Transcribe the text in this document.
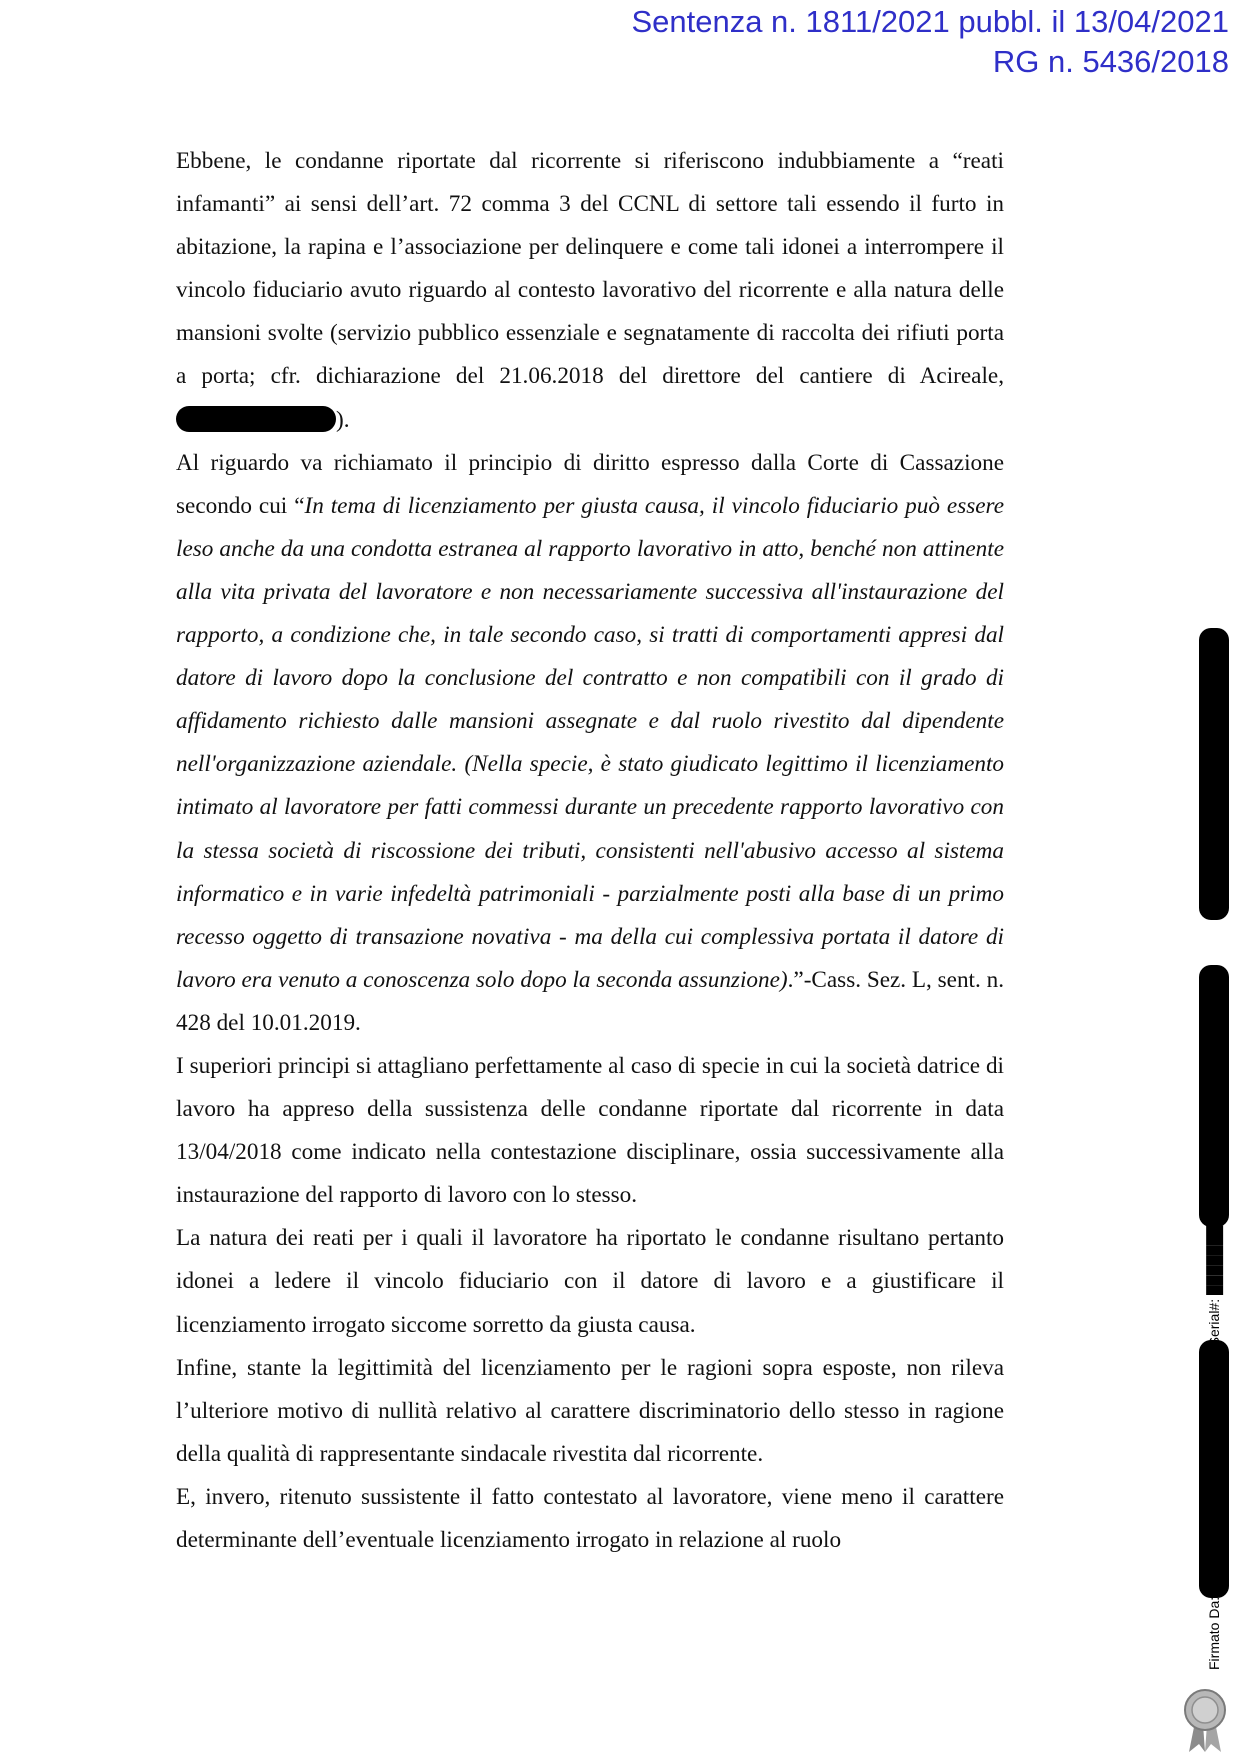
Sentenza n. 1811/2021 pubbl. il 13/04/2021
RG n. 5436/2018

Ebbene, le condanne riportate dal ricorrente si riferiscono indubbiamente a “reati infamanti” ai sensi dell’art. 72 comma 3 del CCNL di settore tali essendo il furto in abitazione, la rapina e l’associazione per delinquere e come tali idonei a interrompere il vincolo fiduciario avuto riguardo al contesto lavorativo del ricorrente e alla natura delle mansioni svolte (servizio pubblico essenziale e segnatamente di raccolta dei rifiuti porta a porta; cfr. dichiarazione del 21.06.2018 del direttore del cantiere di Acireale,).

Al riguardo va richiamato il principio di diritto espresso dalla Corte di Cassazione secondo cui “In tema di licenziamento per giusta causa, il vincolo fiduciario può essere leso anche da una condotta estranea al rapporto lavorativo in atto, benché non attinente alla vita privata del lavoratore e non necessariamente successiva all'instaurazione del rapporto, a condizione che, in tale secondo caso, si tratti di comportamenti appresi dal datore di lavoro dopo la conclusione del contratto e non compatibili con il grado di affidamento richiesto dalle mansioni assegnate e dal ruolo rivestito dal dipendente nell'organizzazione aziendale. (Nella specie, è stato giudicato legittimo il licenziamento intimato al lavoratore per fatti commessi durante un precedente rapporto lavorativo con la stessa società di riscossione dei tributi, consistenti nell'abusivo accesso al sistema informatico e in varie infedeltà patrimoniali - parzialmente posti alla base di un primo recesso oggetto di transazione novativa - ma della cui complessiva portata il datore di lavoro era venuto a conoscenza solo dopo la seconda assunzione).”-Cass. Sez. L, sent. n. 428 del 10.01.2019.

I superiori principi si attagliano perfettamente al caso di specie in cui la società datrice di lavoro ha appreso della sussistenza delle condanne riportate dal ricorrente in data 13/04/2018 come indicato nella contestazione disciplinare, ossia successivamente alla instaurazione del rapporto di lavoro con lo stesso.

La natura dei reati per i quali il lavoratore ha riportato le condanne risultano pertanto idonei a ledere il vincolo fiduciario con il datore di lavoro e a giustificare il licenziamento irrogato siccome sorretto da giusta causa.

Infine, stante la legittimità del licenziamento per le ragioni sopra esposte, non rileva l’ulteriore motivo di nullità relativo al carattere discriminatorio dello stesso in ragione della qualità di rappresentante sindacale rivestita dal ricorrente.

E, invero, ritenuto sussistente il fatto contestato al lavoratore, viene meno il carattere determinante dell’eventuale licenziamento irrogato in relazione al ruolo
